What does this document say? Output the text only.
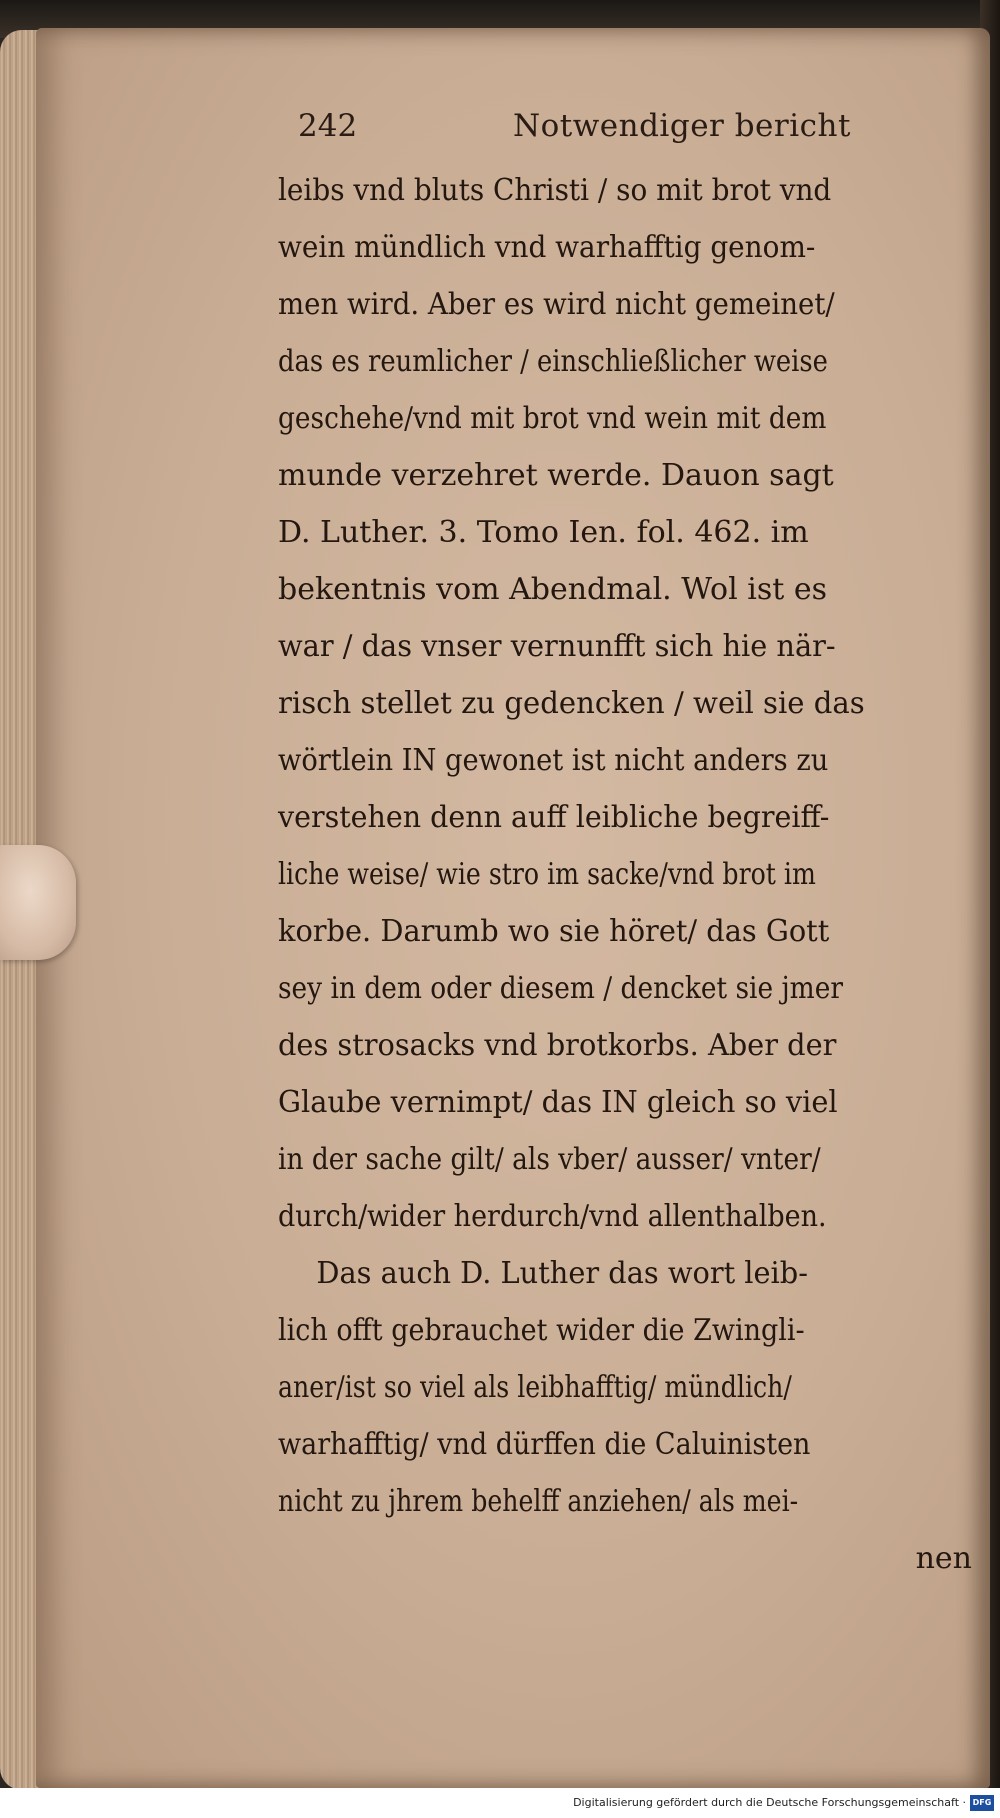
242	Notwendiger bericht
leibs vnd bluts Christi / so mit brot vnd
wein mündlich vnd warhafftig genom-
men wird. Aber es wird nicht gemeinet/
das es reumlicher / einschließlicher weise
geschehe/vnd mit brot vnd wein mit dem
munde verzehret werde. Dauon sagt
D. Luther. 3. Tomo Ien. fol. 462. im
bekentnis vom Abendmal. Wol ist es
war / das vnser vernunfft sich hie när-
risch stellet zu gedencken / weil sie das
wörtlein IN gewonet ist nicht anders zu
verstehen denn auff leibliche begreiff-
liche weise/ wie stro im sacke/vnd brot im
korbe. Darumb wo sie höret/ das Gott
sey in dem oder diesem / dencket sie jmer
des strosacks vnd brotkorbs. Aber der
Glaube vernimpt/ das IN gleich so viel
in der sache gilt/ als vber/ ausser/ vnter/
durch/wider herdurch/vnd allenthalben.
Das auch D. Luther das wort leib-
lich offt gebrauchet wider die Zwingli-
aner/ist so viel als leibhafftig/ mündlich/
warhafftig/ vnd dürffen die Caluinisten
nicht zu jhrem behelff anziehen/ als mei-
nen
Digitalisierung gefördert durch die Deutsche Forschungsgemeinschaft · DFG
